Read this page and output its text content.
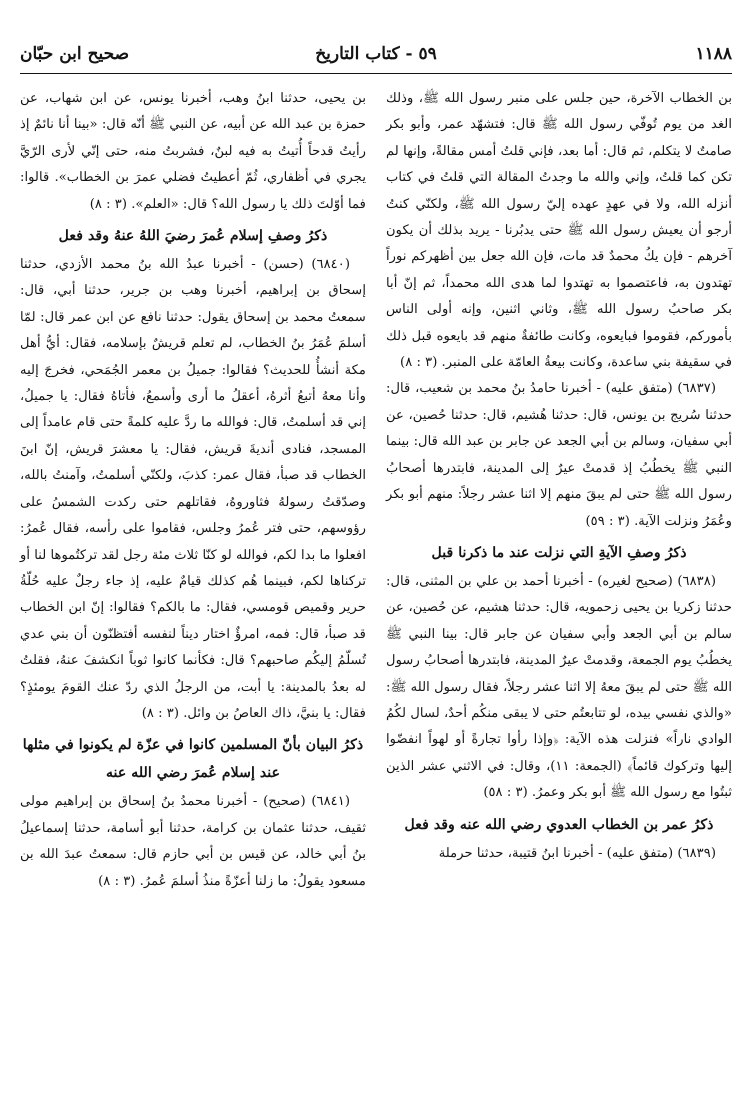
١١٨٨
٥٩ - كتاب التاريخ
صحيح ابن حبّان

بن الخطاب الآخرة، حين جلس على منبر رسول الله ﷺ، وذلك الغد من يوم تُوفّي رسول الله ﷺ قال: فتشهّد عمر، وأبو بكر صامتٌ لا يتكلم، ثم قال: أما بعد، فإني قلتُ أمس مقالةً، وإنها لم تكن كما قلتُ، وإني والله ما وجدتُ المقالة التي قلتُ في كتاب أنزله الله، ولا في عهدٍ عهده إليّ رسول الله ﷺ، ولكنّي كنتُ أرجو أن يعيش رسول الله ﷺ حتى يدبُرنا - يريد بذلك أن يكون آخرهم - فإن يكُ محمدٌ قد مات، فإن الله جعل بين أظهركم نوراً تهتدون به، فاعتصموا به تهتدوا لما هدى الله محمداً، ثم إنّ أبا بكر صاحبُ رسول الله ﷺ، وثاني اثنين، وإنه أولى الناس بأموركم، فقوموا فبايعوه، وكانت طائفةٌ منهم قد بايعوه قبل ذلك في سقيفة بني ساعدة، وكانت بيعةُ العامّة على المنبر. (٣ : ٨)

(٦٨٣٧) (متفق عليه) - أخبرنا حامدُ بنُ محمد بن شعيب، قال: حدثنا سُريج بن يونس، قال: حدثنا هُشيم، قال: حدثنا حُصين، عن أبي سفيان، وسالم بن أبي الجعد عن جابر بن عبد الله قال: بينما النبي ﷺ يخطُبُ إذ قدمتْ عيرٌ إلى المدينة، فابتدرها أصحابُ رسول الله ﷺ حتى لم يبقَ منهم إلا اثنا عشر رجلاً: منهم أبو بكر وعُمَرُ ونزلت الآية. (٣ : ٥٩)

ذكرُ وصفِ الآيةِ التي نزلت عند ما ذكرنا قبل

(٦٨٣٨) (صحيح لغيره) - أخبرنا أحمد بن علي بن المثنى، قال: حدثنا زكريا بن يحيى زحمويه، قال: حدثنا هشيم، عن حُصين، عن سالم بن أبي الجعد وأبي سفيان عن جابر قال: بينا النبي ﷺ يخطُبُ يوم الجمعة، وقدمتْ عيرٌ المدينة، فابتدرها أصحابُ رسول الله ﷺ حتى لم يبقَ معهُ إلا اثنا عشر رجلاً، فقال رسول الله ﷺ: «والذي نفسي بيده، لو تتابعتُم حتى لا يبقى منكُم أحدٌ، لسال لكُمُ الوادي ناراً» فنزلت هذه الآية: ﴿وإذا رأوا تجارةً أو لهواً انفضّوا إليها وتركوك قائماً﴾ (الجمعة: ١١)، وقال: في الاثني عشر الذين ثبتُوا مع رسول الله ﷺ أبو بكر وعمرُ. (٣ : ٥٨)

ذكرُ عمر بن الخطاب العدوي رضي الله عنه وقد فعل

(٦٨٣٩) (متفق عليه) - أخبرنا ابنُ قتيبة، حدثنا حرملة

بن يحيى، حدثنا ابنُ وهب، أخبرنا يونس، عن ابن شهاب، عن حمزة بن عبد الله عن أبيه، عن النبي ﷺ أنّه قال: «بينا أنا نائمٌ إذ رأيتُ قدحاً أُتيتُ به فيه لبنٌ، فشربتُ منه، حتى إنّي لأرى الرّيَّ يجري في أظفاري، ثُمّ أعطيتُ فضلي عمرَ بن الخطاب». قالوا: فما أوّلتَ ذلك يا رسول الله؟ قال: «العلم». (٣ : ٨)

ذكرُ وصفِ إسلام عُمرَ رضيَ اللهُ عنهُ وقد فعل

(٦٨٤٠) (حسن) - أخبرنا عبدُ الله بنُ محمد الأزدي، حدثنا إسحاق بن إبراهيم، أخبرنا وهب بن جرير، حدثنا أبي، قال: سمعتُ محمد بن إسحاق يقول: حدثنا نافع عن ابن عمر قال: لمّا أسلمَ عُمَرُ بنُ الخطاب، لم تعلم قريشٌ بإسلامه، فقال: أيُّ أهل مكة أنشأُ للحديث؟ فقالوا: جميلُ بن معمر الجُمَحي، فخرجَ إليه وأنا معهُ أتبعُ أثرهُ، أعقلُ ما أرى وأسمعُ، فأتاهُ فقال: يا جميلُ، إني قد أسلمتُ، قال: فوالله ما ردَّ عليه كلمةً حتى قام عامداً إلى المسجد، فنادى أنديةَ قريش، فقال: يا معشرَ قريش، إنّ ابنَ الخطاب قد صبأ، فقال عمر: كذبَ، ولكنّي أسلمتُ، وآمنتُ بالله، وصدّقتُ رسولهُ فثاوروهُ، فقاتلهم حتى ركدت الشمسُ على رؤوسهم، حتى فتر عُمرُ وجلس، فقاموا على رأسه، فقال عُمرُ: افعلوا ما بدا لكم، فوالله لو كنّا ثلاث مئة رجل لقد تركتُموها لنا أو تركناها لكم، فبينما هُم كذلك قيامٌ عليه، إذ جاء رجلٌ عليه حُلّةُ حرير وقميص قومسي، فقال: ما بالكم؟ فقالوا: إنّ ابن الخطاب قد صبأ، قال: فمه، امرؤٌ اختار ديناً لنفسه أفتظنّون أن بني عدي تُسلّمُ إليكُم صاحبهم؟ قال: فكأنما كانوا ثوباً انكشفَ عنهُ، فقلتُ له بعدُ بالمدينة: يا أبت، من الرجلُ الذي ردّ عنك القومَ يومئذٍ؟ فقال: يا بنيَّ، ذاك العاصُ بن وائل. (٣ : ٨)

ذكرُ البيان بأنّ المسلمين كانوا في عزّة لم يكونوا في مثلها عند إسلام عُمرَ رضي الله عنه

(٦٨٤١) (صحيح) - أخبرنا محمدُ بنُ إسحاق بن إبراهيم مولى ثقيف، حدثنا عثمان بن كرامة، حدثنا أبو أسامة، حدثنا إسماعيلُ بنُ أبي خالد، عن قيس بن أبي حازم قال: سمعتُ عبدَ الله بن مسعود يقولُ: ما زلنا أعزّةً منذُ أسلمَ عُمرُ. (٣ : ٨)
